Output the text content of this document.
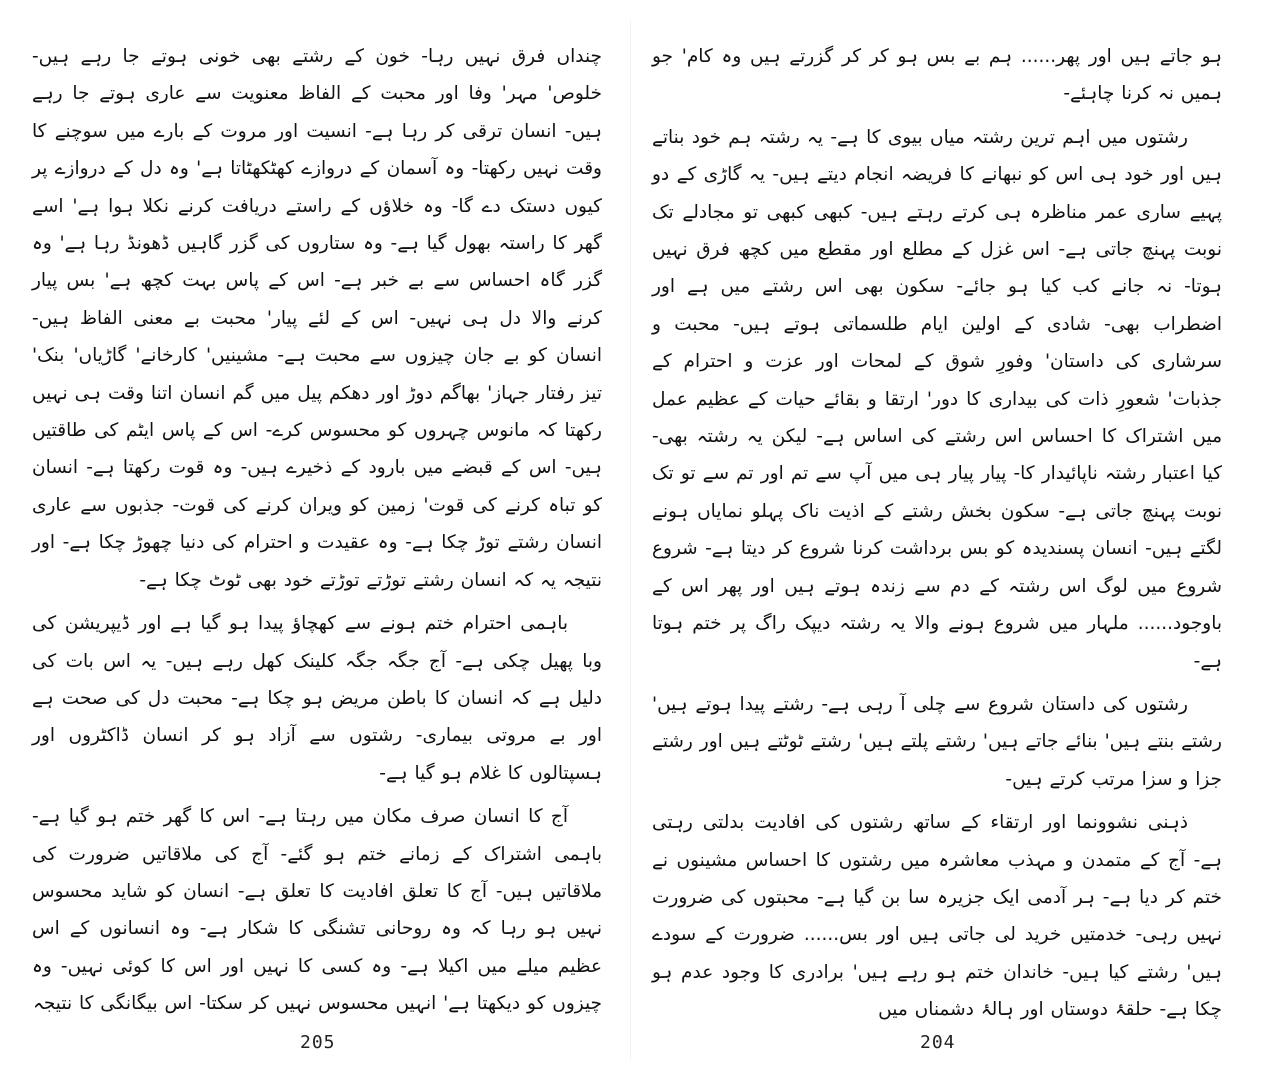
چنداں فرق نہیں رہا- خون کے رشتے بھی خونی ہوتے جا رہے ہیں- خلوص' مہر' وفا اور محبت کے الفاظ معنویت سے عاری ہوتے جا رہے ہیں- انسان ترقی کر رہا ہے- انسیت اور مروت کے بارے میں سوچنے کا وقت نہیں رکھتا- وہ آسمان کے دروازے کھٹکھٹاتا ہے' وہ دل کے دروازے پر کیوں دستک دے گا- وہ خلاؤں کے راستے دریافت کرنے نکلا ہوا ہے' اسے گھر کا راستہ بھول گیا ہے- وہ ستاروں کی گزر گاہیں ڈھونڈ رہا ہے' وہ گزر گاہ احساس سے بے خبر ہے- اس کے پاس بہت کچھ ہے' بس پیار کرنے والا دل ہی نہیں- اس کے لئے پیار' محبت بے معنی الفاظ ہیں- انسان کو بے جان چیزوں سے محبت ہے- مشینیں' کارخانے' گاڑیاں' بنک' تیز رفتار جہاز' بھاگم دوڑ اور دھکم پیل میں گم انسان اتنا وقت ہی نہیں رکھتا کہ مانوس چہروں کو محسوس کرے- اس کے پاس ایٹم کی طاقتیں ہیں- اس کے قبضے میں بارود کے ذخیرے ہیں- وہ قوت رکھتا ہے- انسان کو تباہ کرنے کی قوت' زمین کو ویران کرنے کی قوت- جذبوں سے عاری انسان رشتے توڑ چکا ہے- وہ عقیدت و احترام کی دنیا چھوڑ چکا ہے- اور نتیجہ یہ کہ انسان رشتے توڑتے توڑتے خود بھی ٹوٹ چکا ہے-

باہمی احترام ختم ہونے سے کھچاؤ پیدا ہو گیا ہے اور ڈیپریشن کی وبا پھیل چکی ہے- آج جگہ جگہ کلینک کھل رہے ہیں- یہ اس بات کی دلیل ہے کہ انسان کا باطن مریض ہو چکا ہے- محبت دل کی صحت ہے اور بے مروتی بیماری- رشتوں سے آزاد ہو کر انسان ڈاکٹروں اور ہسپتالوں کا غلام ہو گیا ہے-

آج کا انسان صرف مکان میں رہتا ہے- اس کا گھر ختم ہو گیا ہے- باہمی اشتراک کے زمانے ختم ہو گئے- آج کی ملاقاتیں ضرورت کی ملاقاتیں ہیں- آج کا تعلق افادیت کا تعلق ہے- انسان کو شاید محسوس نہیں ہو رہا کہ وہ روحانی تشنگی کا شکار ہے- وہ انسانوں کے اس عظیم میلے میں اکیلا ہے- وہ کسی کا نہیں اور اس کا کوئی نہیں- وہ چیزوں کو دیکھتا ہے' انہیں محسوس نہیں کر سکتا- اس بیگانگی کا نتیجہ

ہو جاتے ہیں اور پھر...... ہم بے بس ہو کر کر گزرتے ہیں وہ کام' جو ہمیں نہ کرنا چاہئے-

رشتوں میں اہم ترین رشتہ میاں بیوی کا ہے- یہ رشتہ ہم خود بناتے ہیں اور خود ہی اس کو نبھانے کا فریضہ انجام دیتے ہیں- یہ گاڑی کے دو پہیے ساری عمر مناظرہ ہی کرتے رہتے ہیں- کبھی کبھی تو مجادلے تک نوبت پہنچ جاتی ہے- اس غزل کے مطلع اور مقطع میں کچھ فرق نہیں ہوتا- نہ جانے کب کیا ہو جائے- سکون بھی اس رشتے میں ہے اور اضطراب بھی- شادی کے اولین ایام طلسماتی ہوتے ہیں- محبت و سرشاری کی داستان' وفورِ شوق کے لمحات اور عزت و احترام کے جذبات' شعورِ ذات کی بیداری کا دور' ارتقا و بقائے حیات کے عظیم عمل میں اشتراک کا احساس اس رشتے کی اساس ہے- لیکن یہ رشتہ بھی- کیا اعتبار رشتہ ناپائیدار کا- پیار پیار ہی میں آپ سے تم اور تم سے تو تک نوبت پہنچ جاتی ہے- سکون بخش رشتے کے اذیت ناک پہلو نمایاں ہونے لگتے ہیں- انسان پسندیدہ کو بس برداشت کرنا شروع کر دیتا ہے- شروع شروع میں لوگ اس رشتہ کے دم سے زندہ ہوتے ہیں اور پھر اس کے باوجود...... ملہار میں شروع ہونے والا یہ رشتہ دیپک راگ پر ختم ہوتا ہے-

رشتوں کی داستان شروع سے چلی آ رہی ہے- رشتے پیدا ہوتے ہیں' رشتے بنتے ہیں' بنائے جاتے ہیں' رشتے پلتے ہیں' رشتے ٹوٹتے ہیں اور رشتے جزا و سزا مرتب کرتے ہیں-

ذہنی نشوونما اور ارتقاء کے ساتھ رشتوں کی افادیت بدلتی رہتی ہے- آج کے متمدن و مہذب معاشرہ میں رشتوں کا احساس مشینوں نے ختم کر دیا ہے- ہر آدمی ایک جزیرہ سا بن گیا ہے- محبتوں کی ضرورت نہیں رہی- خدمتیں خرید لی جاتی ہیں اور بس...... ضرورت کے سودے ہیں' رشتے کیا ہیں- خاندان ختم ہو رہے ہیں' برادری کا وجود عدم ہو چکا ہے- حلقۂ دوستاں اور ہالۂ دشمناں میں

205	204
